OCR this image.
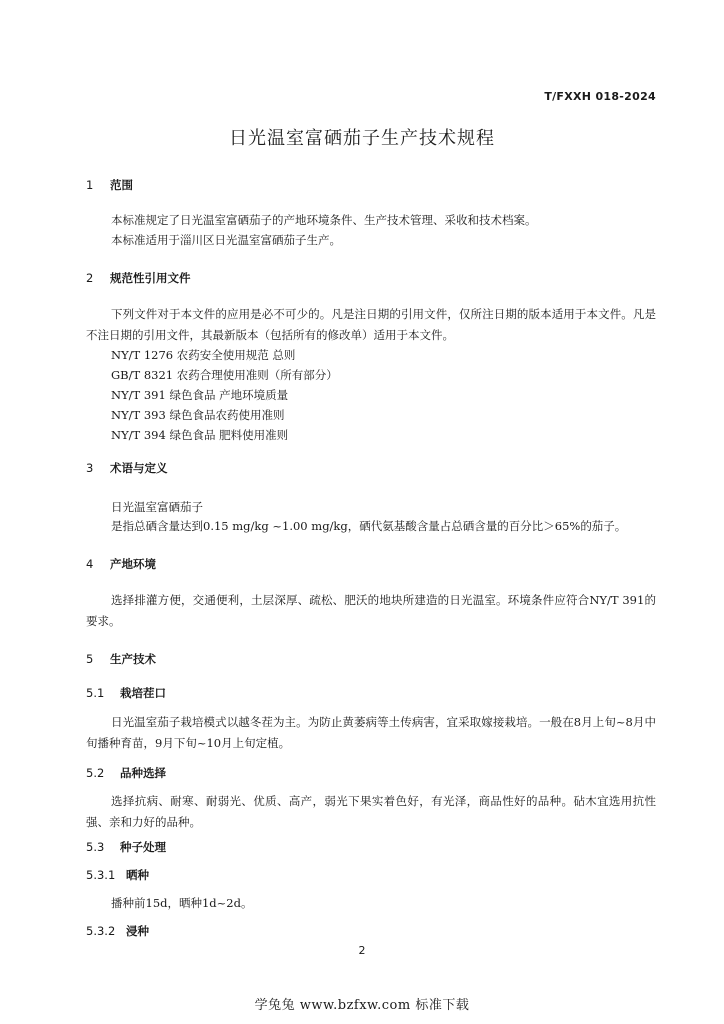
T/FXXH 018-2024
日光温室富硒茄子生产技术规程
1 范围
本标准规定了日光温室富硒茄子的产地环境条件、生产技术管理、采收和技术档案。
本标准适用于淄川区日光温室富硒茄子生产。
2 规范性引用文件
下列文件对于本文件的应用是必不可少的。凡是注日期的引用文件，仅所注日期的版本适用于本文件。凡是不注日期的引用文件，其最新版本（包括所有的修改单）适用于本文件。
NY/T 1276 农药安全使用规范 总则
GB/T 8321 农药合理使用准则（所有部分）
NY/T 391 绿色食品 产地环境质量
NY/T 393 绿色食品农药使用准则
NY/T 394 绿色食品 肥料使用准则
3 术语与定义
日光温室富硒茄子
是指总硒含量达到0.15 mg/kg ~1.00 mg/kg，硒代氨基酸含量占总硒含量的百分比＞65%的茄子。
4 产地环境
选择排灌方便，交通便利，土层深厚、疏松、肥沃的地块所建造的日光温室。环境条件应符合NY/T 391的要求。
5 生产技术
5.1 栽培茬口
日光温室茄子栽培模式以越冬茬为主。为防止黄萎病等土传病害，宜采取嫁接栽培。一般在8月上旬~8月中旬播种育苗，9月下旬~10月上旬定植。
5.2 品种选择
选择抗病、耐寒、耐弱光、优质、高产，弱光下果实着色好，有光泽，商品性好的品种。砧木宜选用抗性强、亲和力好的品种。
5.3 种子处理
5.3.1 晒种
播种前15d，晒种1d~2d。
5.3.2 浸种
2
学兔兔 www.bzfxw.com 标准下载
